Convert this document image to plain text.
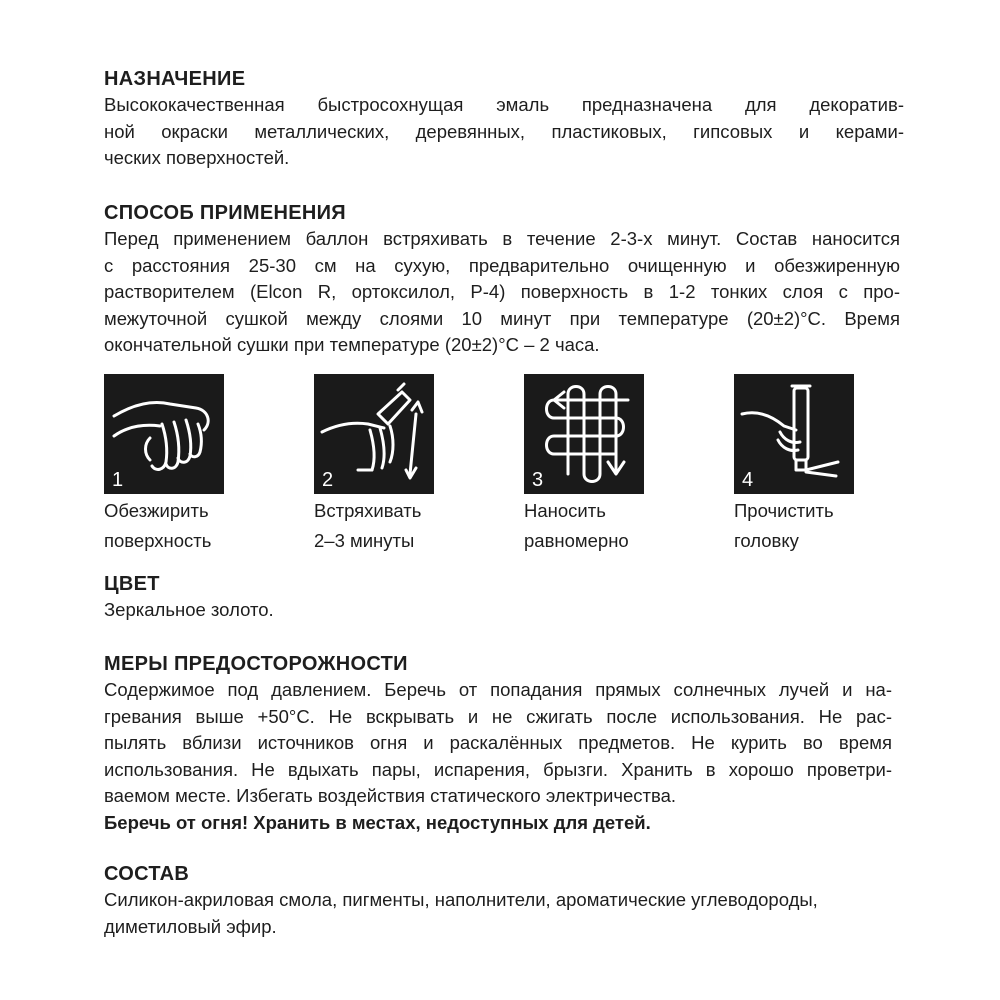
НАЗНАЧЕНИЕ

Высококачественная быстросохнущая эмаль предназначена для декоратив-
ной окраски металлических, деревянных, пластиковых, гипсовых и керами-
ческих поверхностей.

СПОСОБ ПРИМЕНЕНИЯ

Перед применением баллон встряхивать в течение 2-3-х минут. Состав наносится
с расстояния 25-30 см на сухую, предварительно очищенную и обезжиренную
растворителем (Elcon R, ортоксилол, Р-4) поверхность в 1-2 тонких слоя с про-
межуточной сушкой между слоями 10 минут при температуре (20±2)°С. Время
окончательной сушки при температуре (20±2)°С – 2 часа.

1
Обезжирить
поверхность
2
Встряхивать
2–3 минуты
3
Наносить
равномерно
4
Прочистить
головку
ЦВЕТ

Зеркальное золото.

МЕРЫ ПРЕДОСТОРОЖНОСТИ

Содержимое под давлением. Беречь от попадания прямых солнечных лучей и на-
гревания выше +50°С. Не вскрывать и не сжигать после использования. Не рас-
пылять вблизи источников огня и раскалённых предметов. Не курить во время
использования. Не вдыхать пары, испарения, брызги. Хранить в хорошо проветри-
ваемом месте. Избегать воздействия статического электричества.
Беречь от огня! Хранить в местах, недоступных для детей.

СОСТАВ

Силикон-акриловая смола, пигменты, наполнители, ароматические углеводороды,
диметиловый эфир.
